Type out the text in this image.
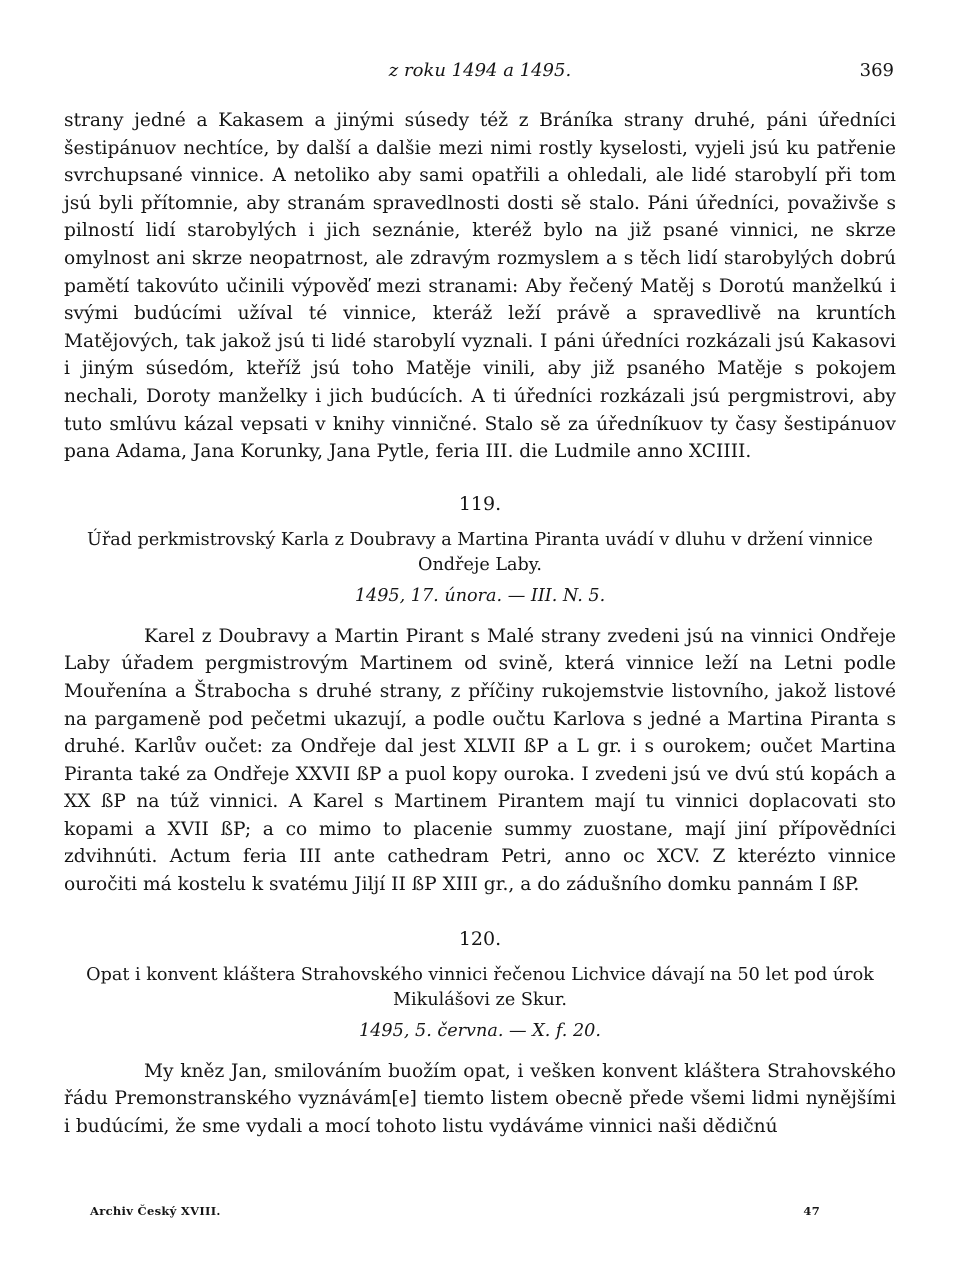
z roku 1494 a 1495.	369

strany jedné a Kakasem a jinými súsedy též z Bráníka strany druhé, páni úředníci šestipánuov nechtíce, by další a dalšie mezi nimi rostly kyselosti, vyjeli jsú ku patřenie svrchupsané vinnice. A netoliko aby sami opatřili a ohledali, ale lidé starobylí při tom jsú byli přítomnie, aby stranám spravedlnosti dosti sě stalo. Páni úředníci, považivše s pilností lidí starobylých i jich seznánie, kteréž bylo na již psané vinnici, ne skrze omylnost ani skrze neopatrnost, ale zdravým rozmyslem a s těch lidí starobylých dobrú pamětí takovúto učinili výpověď mezi stranami: Aby řečený Matěj s Dorotú manželkú i svými budúcími užíval té vinnice, kteráž leží právě a spravedlivě na kruntích Matějových, tak jakož jsú ti lidé starobylí vyznali. I páni úředníci rozkázali jsú Kakasovi i jiným súsedóm, kteříž jsú toho Matěje vinili, aby již psaného Matěje s pokojem nechali, Doroty manželky i jich budúcích. A ti úředníci rozkázali jsú pergmistrovi, aby tuto smlúvu kázal vepsati v knihy vinničné. Stalo sě za úředníkuov ty časy šestipánuov pana Adama, Jana Korunky, Jana Pytle, feria III. die Ludmile anno XCIIII.

119.
Úřad perkmistrovský Karla z Doubravy a Martina Piranta uvádí v dluhu v držení vinnice Ondřeje Laby.
1495, 17. února. — III. N. 5.

Karel z Doubravy a Martin Pirant s Malé strany zvedeni jsú na vinnici Ondřeje Laby úřadem pergmistrovým Martinem od svině, která vinnice leží na Letni podle Mouřenína a Štrabocha s druhé strany, z příčiny rukojemstvie listovního, jakož listové na pargameně pod pečetmi ukazují, a podle oučtu Karlova s jedné a Martina Piranta s druhé. Karlův oučet: za Ondřeje dal jest XLVII ßP a L gr. i s ourokem; oučet Martina Piranta také za Ondřeje XXVII ßP a puol kopy ouroka. I zvedeni jsú ve dvú stú kopách a XX ßP na túž vinnici. A Karel s Martinem Pirantem mají tu vinnici doplacovati sto kopami a XVII ßP; a co mimo to placenie summy zuostane, mají jiní přípovědníci zdvihnúti. Actum feria III ante cathedram Petri, anno oc XCV. Z kterézto vinnice ouročiti má kostelu k svatému Jiljí II ßP XIII gr., a do zádušního domku pannám I ßP.

120.
Opat i konvent kláštera Strahovského vinnici řečenou Lichvice dávají na 50 let pod úrok Mikulášovi ze Skur.
1495, 5. června. — X. f. 20.

My kněz Jan, smilováním buožím opat, i vešken konvent kláštera Strahovského řádu Premonstranského vyznávám[e] tiemto listem obecně přede všemi lidmi nynějšími i budúcími, že sme vydali a mocí tohoto listu vydáváme vinnici naši dědičnú

Archiv Český XVIII.	47
